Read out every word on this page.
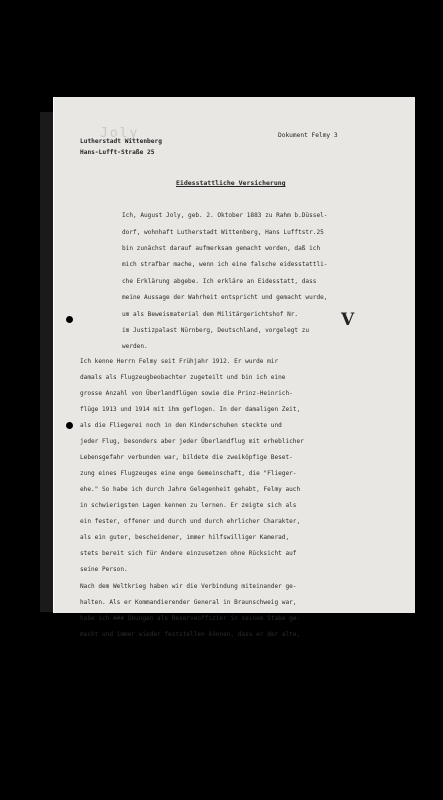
Joly
Lutherstadt Wittenberg
Hans-Lufft-Straße 25
Dokument Felmy 3
Eidesstattliche Versicherung
Ich, August Joly, geb. 2. Oktober 1883 zu Rahm b.Düssel-
dorf, wohnhaft Lutherstadt Wittenberg, Hans Lufftstr.25
bin zunächst darauf aufmerksam gemacht worden, daß ich
mich strafbar mache, wenn ich eine falsche eidesstattli-
che Erklärung abgebe. Ich erkläre an Eidesstatt, dass
meine Aussage der Wahrheit entspricht und gemacht wurde,
um als Beweismaterial dem Militärgerichtshof Nr.
im Justizpalast Nürnberg, Deutschland, vorgelegt zu
werden.
Ich kenne Herrn Felmy seit Frühjahr 1912. Er wurde mir
damals als Flugzeugbeobachter zugeteilt und bin ich eine
grosse Anzahl von Überlandflügen sowie die Prinz-Heinrich-
flüge 1913 und 1914 mit ihm geflogen. In der damaligen Zeit,
als die Fliegerei noch in den Kinderschuhen steckte und
jeder Flug, besonders aber jeder Überlandflug mit erheblicher
Lebensgefahr verbunden war, bildete die zweiköpfige Beset-
zung eines Flugzeuges eine enge Gemeinschaft, die "Flieger-
ehe." So habe ich durch Jahre Gelegenheit gehabt, Felmy auch
in schwierigsten Lagen kennen zu lernen. Er zeigte sich als
ein fester, offener und durch und durch ehrlicher Charakter,
als ein guter, bescheidener, immer hilfswilliger Kamerad,
stets bereit sich für Andere einzusetzen ohne Rücksicht auf
seine Person.
Nach dem Weltkrieg haben wir die Verbindung miteinander ge-
halten. Als er Kommandierender General in Braunschweig war,
habe ich ### Übungen als Reserveoffizier in seinem Stabe ge-
macht und immer wieder feststellen können, dass er der alte,
V
